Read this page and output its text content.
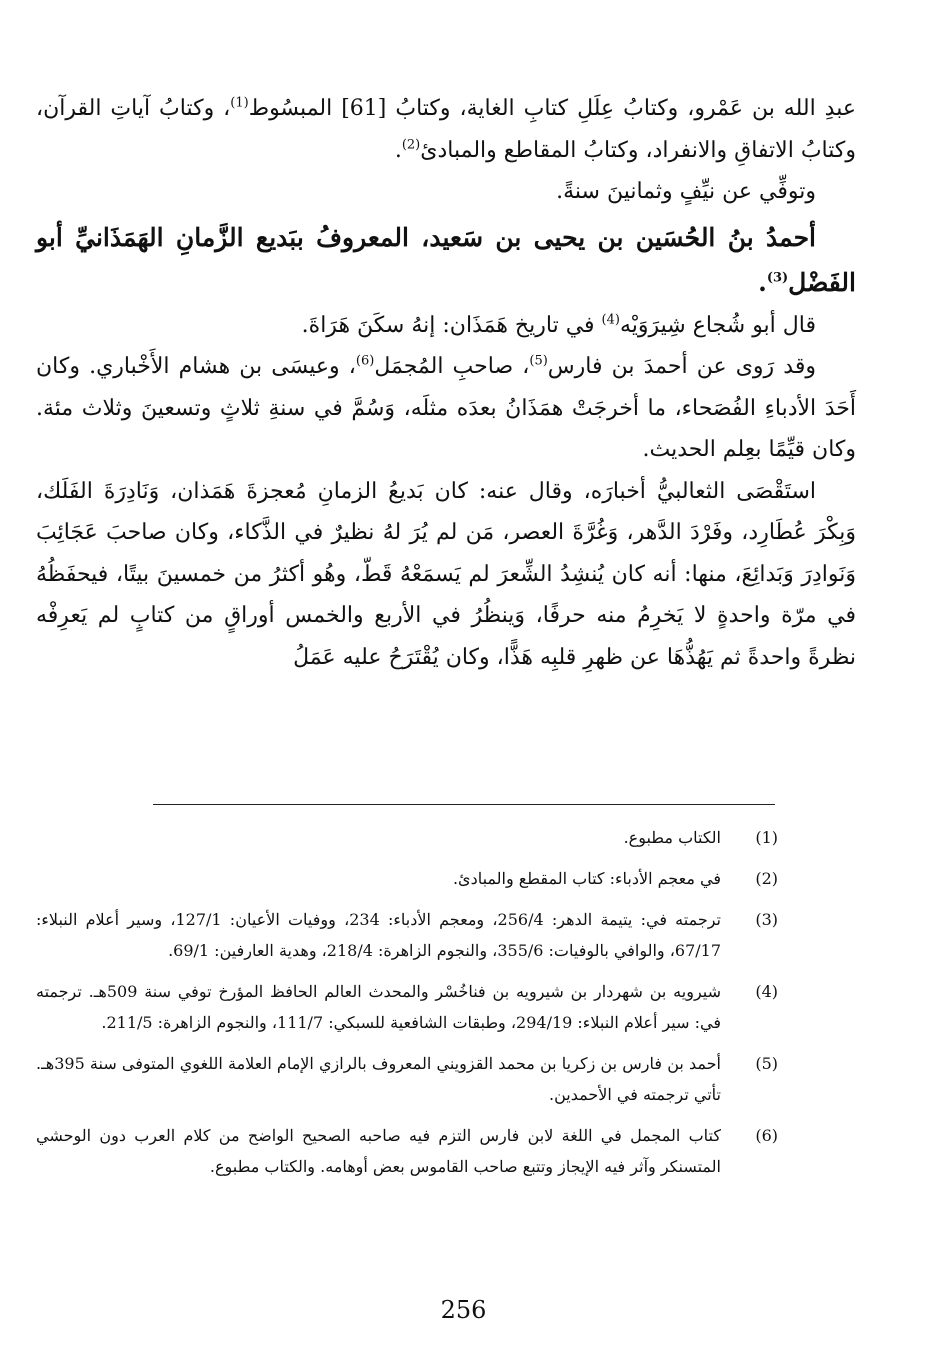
عبدِ الله بن عَمْرو، وكتابُ عِلَلِ كتابِ الغاية، وكتابُ [61] المبسُوط$^{(1)}$، وكتابُ آياتِ القرآن، وكتابُ الاتفاقِ والانفراد، وكتابُ المقاطع والمبادئ$^{(2)}$.

وتوفِّي عن نيِّفٍ وثمانينَ سنةً.

أحمدُ بنُ الحُسَين بن يحيى بن سَعيد، المعروفُ ببَديع الزَّمانِ الهَمَذَانيِّ أبو الفَضْل$^{(3)}$.

قال أبو شُجاع شِيرَوَيْه$^{(4)}$ في تاريخ هَمَذَان: إنهُ سكَنَ هَرَاةَ.

وقد رَوى عن أحمدَ بن فارس$^{(5)}$، صاحبِ المُجمَل$^{(6)}$، وعيسَى بن هشام الأَخْباري. وكان أَحَدَ الأدباءِ الفُصَحاء، ما أخرجَتْ همَذَانُ بعدَه مثلَه، وَسُمَّ في سنةِ ثلاثٍ وتسعينَ وثلاث مئة. وكان قيِّمًا بعِلم الحديث.

استَقْصَى الثعالبيُّ أخبارَه، وقال عنه: كان بَديعُ الزمانِ مُعجزةَ هَمَذان، وَنَادِرَةَ الفَلَك، وَبِكْرَ عُطَارِد، وفَرْدَ الدَّهر، وَغُرَّةَ العصر، مَن لم يُرَ لهُ نظيرٌ في الذَّكاء، وكان صاحبَ عَجَائِبَ وَنَوادِرَ وَبَدائِعَ، منها: أنه كان يُنشِدُ الشِّعرَ لم يَسمَعْهُ قَطّ، وهُو أكثرُ من خمسينَ بيتًا، فيحفَظُهُ في مرّة واحدةٍ لا يَخرِمُ منه حرفًا، وَينظُرُ في الأربع والخمس أوراقٍ من كتابٍ لم يَعرِفْه نظرةً واحدةً ثم يَهُذُّهَا عن ظهرِ قلبِه هَذًّا، وكان يُقْتَرَحُ عليه عَمَلُ

(1)
الكتاب مطبوع.
(2)
في معجم الأدباء: كتاب المقطع والمبادئ.
(3)
ترجمته في: يتيمة الدهر: 256/4، ومعجم الأدباء: 234، ووفيات الأعيان: 127/1، وسير أعلام النبلاء: 67/17، والوافي بالوفيات: 355/6، والنجوم الزاهرة: 218/4، وهدية العارفين: 69/1.
(4)
شيرويه بن شهردار بن شيرويه بن فناخُسْر والمحدث العالم الحافظ المؤرخ توفي سنة 509هـ. ترجمته في: سير أعلام النبلاء: 294/19، وطبقات الشافعية للسبكي: 111/7، والنجوم الزاهرة: 211/5.
(5)
أحمد بن فارس بن زكريا بن محمد القزويني المعروف بالرازي الإمام العلامة اللغوي المتوفى سنة 395هـ. تأتي ترجمته في الأحمدين.
(6)
كتاب المجمل في اللغة لابن فارس التزم فيه صاحبه الصحيح الواضح من كلام العرب دون الوحشي المتسنكر وآثر فيه الإيجاز وتتبع صاحب القاموس بعض أوهامه. والكتاب مطبوع.
256
